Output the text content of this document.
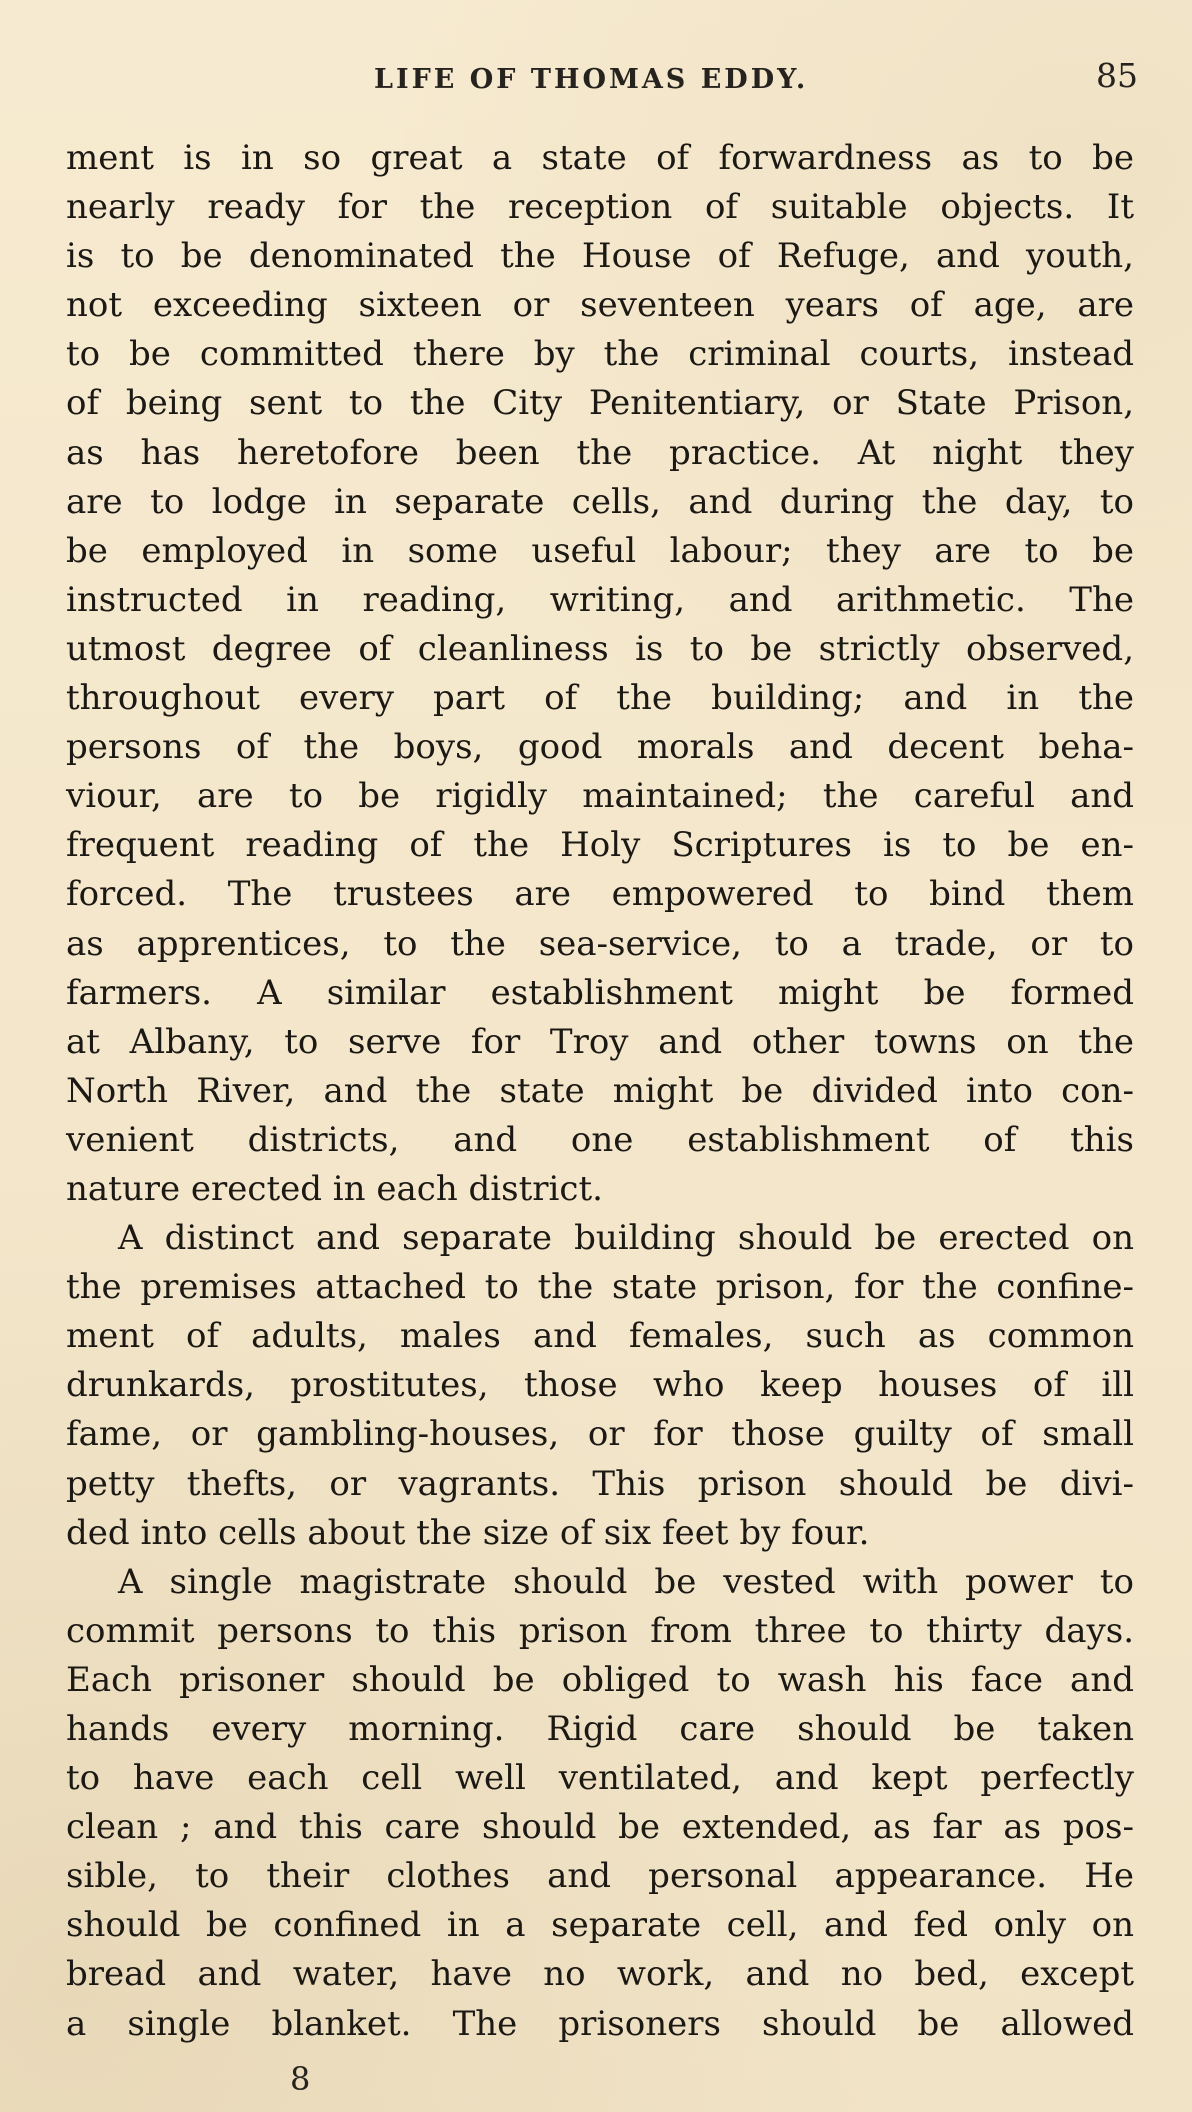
LIFE OF THOMAS EDDY.	85
ment is in so great a state of forwardness as to be
nearly ready for the reception of suitable objects. It
is to be denominated the House of Refuge, and youth,
not exceeding sixteen or seventeen years of age, are
to be committed there by the criminal courts, instead
of being sent to the City Penitentiary, or State Prison,
as has heretofore been the practice. At night they
are to lodge in separate cells, and during the day, to
be employed in some useful labour; they are to be
instructed in reading, writing, and arithmetic. The
utmost degree of cleanliness is to be strictly observed,
throughout every part of the building; and in the
persons of the boys, good morals and decent beha-
viour, are to be rigidly maintained; the careful and
frequent reading of the Holy Scriptures is to be en-
forced. The trustees are empowered to bind them
as apprentices, to the sea-service, to a trade, or to
farmers. A similar establishment might be formed
at Albany, to serve for Troy and other towns on the
North River, and the state might be divided into con-
venient districts, and one establishment of this
nature erected in each district.
A distinct and separate building should be erected on
the premises attached to the state prison, for the confine-
ment of adults, males and females, such as common
drunkards, prostitutes, those who keep houses of ill
fame, or gambling-houses, or for those guilty of small
petty thefts, or vagrants. This prison should be divi-
ded into cells about the size of six feet by four.
A single magistrate should be vested with power to
commit persons to this prison from three to thirty days.
Each prisoner should be obliged to wash his face and
hands every morning. Rigid care should be taken
to have each cell well ventilated, and kept perfectly
clean ; and this care should be extended, as far as pos-
sible, to their clothes and personal appearance. He
should be confined in a separate cell, and fed only on
bread and water, have no work, and no bed, except
a single blanket. The prisoners should be allowed
8
